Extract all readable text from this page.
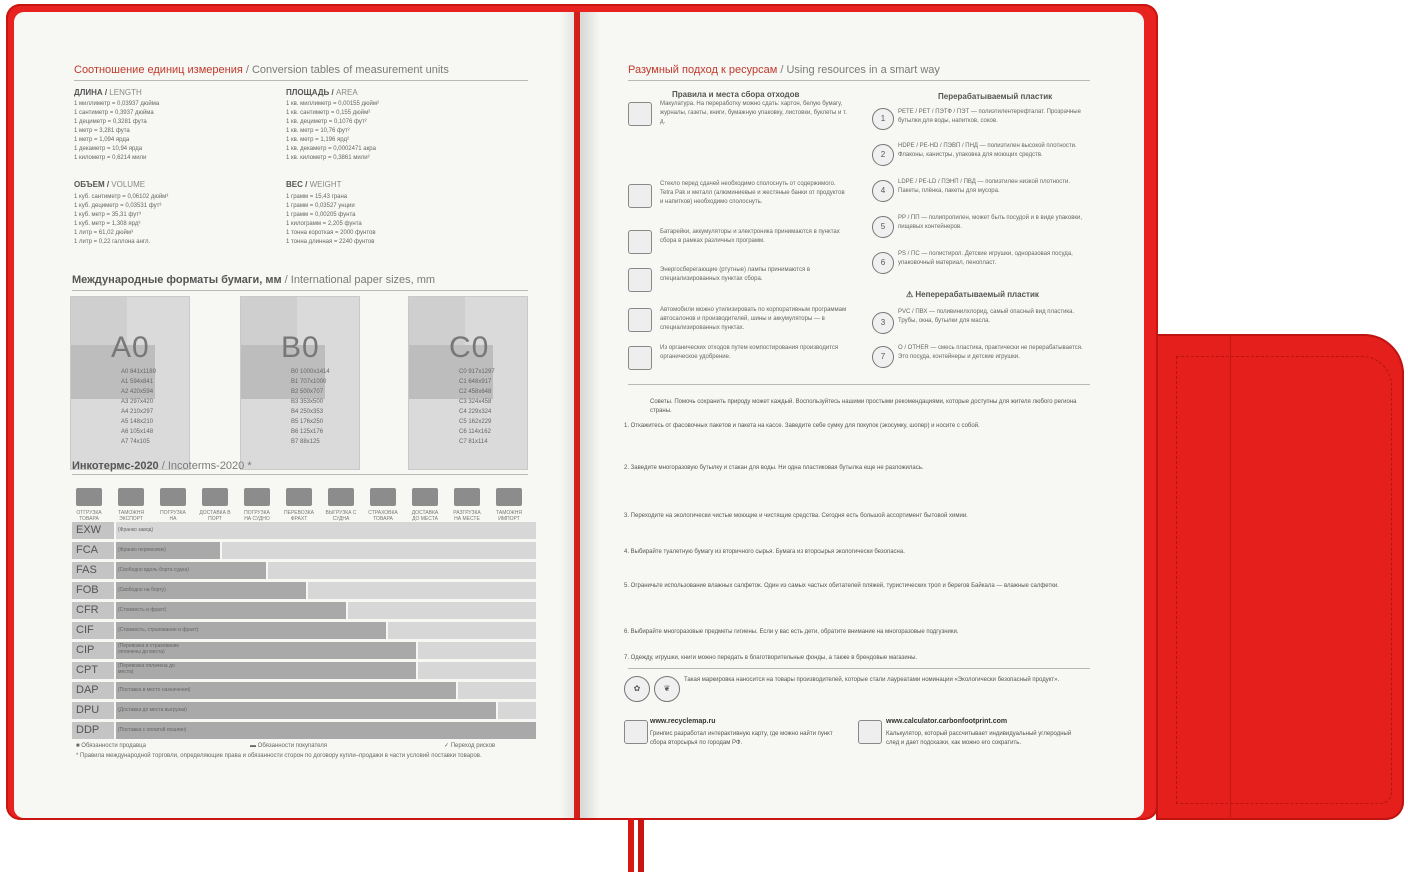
Соотношение единиц измерения / Conversion tables of measurement units
ДЛИНА / LENGTH
1 миллиметр = 0,03937 дюйма
1 сантиметр = 0,3937 дюйма
1 дециметр = 0,3281 фута
1 метр = 3,281 фута
1 метр = 1,094 ярда
1 декаметр = 10,94 ярда
1 километр = 0,6214 мили
ПЛОЩАДЬ / AREA
1 кв. миллиметр = 0,00155 дюйм²
1 кв. сантиметр = 0,155 дюйм²
1 кв. дециметр = 0,1076 фут²
1 кв. метр = 10,76 фут²
1 кв. метр = 1,196 ярд²
1 кв. декаметр = 0,0002471 акра
1 кв. километр = 0,3861 мили²
ОБЪЕМ / VOLUME
1 куб. сантиметр = 0,06102 дюйм³
1 куб. дециметр = 0,03531 фут³
1 куб. метр = 35,31 фут³
1 куб. метр = 1,308 ярд³
1 литр = 61,02 дюйм³
1 литр = 0,22 галлона англ.
ВЕС / WEIGHT
1 грамм = 15,43 грана
1 грамм = 0,03527 унции
1 грамм = 0,00205 фунта
1 килограмм = 2,205 фунта
1 тонна короткая = 2000 фунтов
1 тонна длинная = 2240 фунтов
Международные форматы бумаги, мм / International paper sizes, mm
A0
A0 841x1189
A1 594x841
A2 420x594
A3 297x420
A4 210x297
A5 148x210
A6 105x148
A7 74x105
B0
B0 1000x1414
B1 707x1000
B2 500x707
B3 353x500
B4 250x353
B5 176x250
B6 125x176
B7 88x125
C0
C0 917x1297
C1 648x917
C2 458x648
C3 324x458
C4 229x324
C5 162x229
C6 114x162
C7 81x114
Инкотермс-2020 / Incoterms-2020 *
ОТГРУЗКА ТОВАРА
ТАМОЖНЯ ЭКСПОРТ
ПОГРУЗКА НА
ДОСТАВКА В ПОРТ
ПОГРУЗКА НА СУДНО
ПЕРЕВОЗКА ФРАХТ
ВЫГРУЗКА С СУДНА
СТРАХОВКА ТОВАРА
ДОСТАВКА ДО МЕСТА
РАЗГРУЗКА НА МЕСТЕ
ТАМОЖНЯ ИМПОРТ
EXW	(Франко завод)
FCA	(Франко перевозчик)
FAS	(Свободно вдоль борта судна)
FOB	(Свободно на борту)
CFR	(Стоимость и фрахт)
CIF	(Стоимость, страхование и фрахт)
CIP	(Перевозка и страхование оплачены до места)
CPT	(Перевозка оплачена до места)
DAP	(Поставка в место назначения)
DPU	(Доставка до места выгрузки)
DDP	(Поставка с оплатой пошлин)
■ Обязанности продавца	▬ Обязанности покупателя	✓ Переход рисков
* Правила международной торговли, определяющие права и обязанности сторон по договору купли–продажи в части условий поставки товаров.
Разумный подход к ресурсам / Using resources in a smart way
Правила и места сбора отходов
Макулатура. На переработку можно сдать: картон, белую бумагу, журналы, газеты, книги, бумажную упаковку, листовки, буклеты и т. д.
Стекло перед сдачей необходимо сполоснуть от содержимого. Tetra Pak и металл (алюминиевые и жестяные банки от продуктов и напитков) необходимо сполоснуть.
Батарейки, аккумуляторы и электроника принимаются в пунктах сбора в рамках различных программ.
Энергосберегающие (ртутные) лампы принимаются в специализированных пунктах сбора.
Автомобили можно утилизировать по корпоративным программам автосалонов и производителей, шины и аккумуляторы — в специализированных пунктах.
Из органических отходов путем компостирования производится органическое удобрение.
Перерабатываемый пластик
1
PETE / PET / ПЭТФ / ПЭТ — полиэтилентерефталат. Прозрачные бутылки для воды, напитков, соков.
2
HDPE / PE-HD / ПЭВП / ПНД — полиэтилен высокой плотности. Флаконы, канистры, упаковка для моющих средств.
4
LDPE / PE-LD / ПЭНП / ПВД — полиэтилен низкой плотности. Пакеты, плёнка, пакеты для мусора.
5
PP / ПП — полипропилен, может быть посудой и в виде упаковки, пищевых контейнеров.
6
PS / ПС — полистирол. Детские игрушки, одноразовая посуда, упаковочный материал, пенопласт.
⚠ Неперерабатываемый пластик
3
PVC / ПВХ — поливинилхлорид, самый опасный вид пластика. Трубы, окна, бутылки для масла.
7
O / OTHER — смесь пластика, практически не перерабатывается. Это посуда, контейнеры и детские игрушки.
Советы. Помочь сохранить природу может каждый. Воспользуйтесь нашими простыми рекомендациями, которые доступны для жителя любого региона страны.
1. Откажитесь от фасовочных пакетов и пакета на кассе. Заведите себе сумку для покупок (экосумку, шопер) и носите с собой.
2. Заведите многоразовую бутылку и стакан для воды. Ни одна пластиковая бутылка еще не разложилась.
3. Переходите на экологически чистые моющие и чистящие средства. Сегодня есть большой ассортимент бытовой химии.
4. Выбирайте туалетную бумагу из вторичного сырья. Бумага из вторсырья экологически безопасна.
5. Ограничьте использование влажных салфеток. Один из самых частых обитателей пляжей, туристических троп и берегов Байкала — влажные салфетки.
6. Выбирайте многоразовые предметы гигиены. Если у вас есть дети, обратите внимание на многоразовые подгузники.
7. Одежду, игрушки, книги можно передать в благотворительные фонды, а также в брендовые магазины.
✿	❦
Такая маркировка наносится на товары производителей, которые стали лауреатами номинации «Экологически безопасный продукт».
www.recyclemap.ru
Гринпис разработал интерактивную карту, где можно найти пункт сбора вторсырья по городам РФ.
www.calculator.carbonfootprint.com
Калькулятор, который рассчитывает индивидуальный углеродный след и дает подсказки, как можно его сократить.
